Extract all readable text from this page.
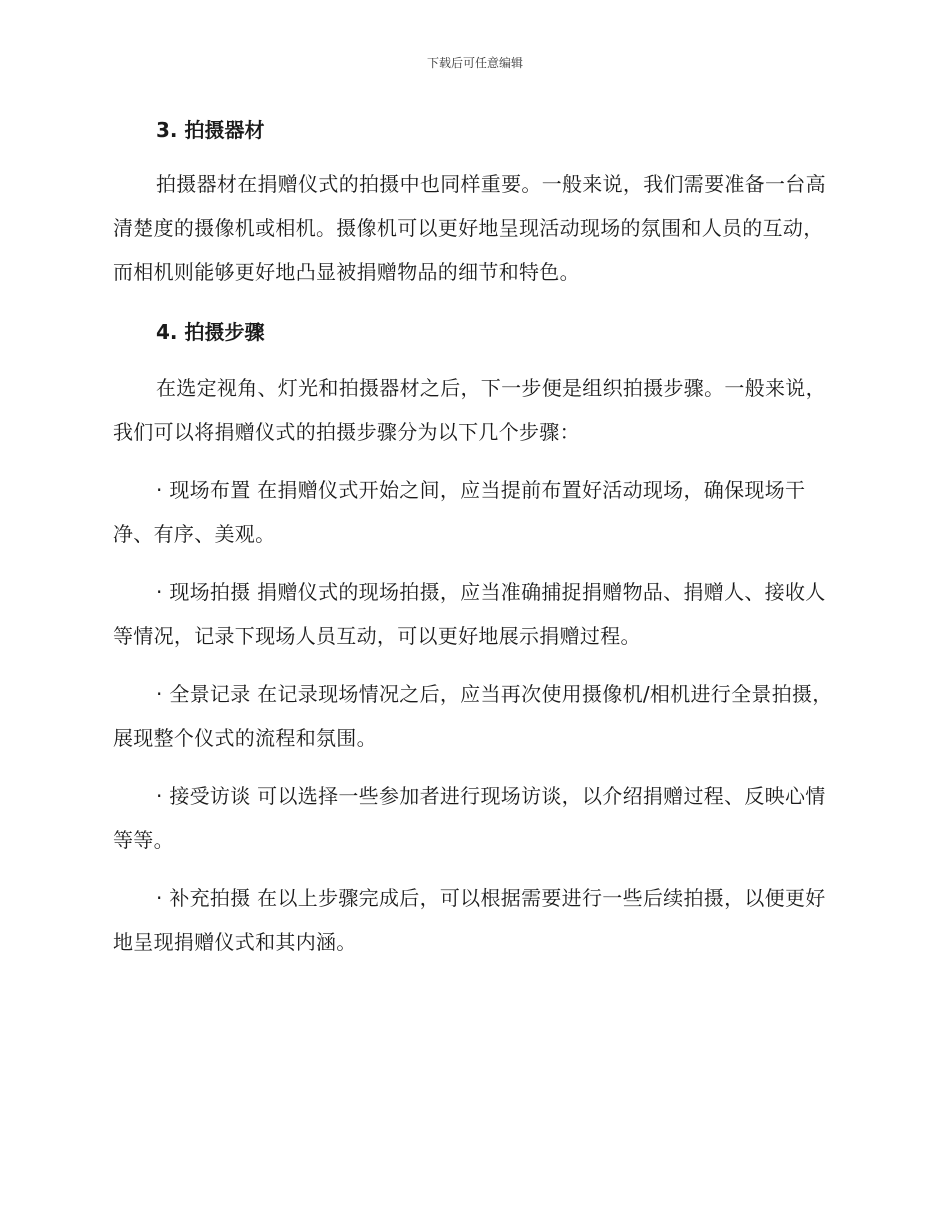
下载后可任意编辑

3. 拍摄器材

拍摄器材在捐赠仪式的拍摄中也同样重要。一般来说，我们需要准备一台高清楚度的摄像机或相机。摄像机可以更好地呈现活动现场的氛围和人员的互动，而相机则能够更好地凸显被捐赠物品的细节和特色。

4. 拍摄步骤

在选定视角、灯光和拍摄器材之后，下一步便是组织拍摄步骤。一般来说，我们可以将捐赠仪式的拍摄步骤分为以下几个步骤：

· 现场布置 在捐赠仪式开始之间，应当提前布置好活动现场，确保现场干净、有序、美观。

· 现场拍摄 捐赠仪式的现场拍摄，应当准确捕捉捐赠物品、捐赠人、接收人等情况，记录下现场人员互动，可以更好地展示捐赠过程。

· 全景记录 在记录现场情况之后，应当再次使用摄像机/相机进行全景拍摄，展现整个仪式的流程和氛围。

· 接受访谈 可以选择一些参加者进行现场访谈，以介绍捐赠过程、反映心情等等。

· 补充拍摄 在以上步骤完成后，可以根据需要进行一些后续拍摄，以便更好地呈现捐赠仪式和其内涵。
